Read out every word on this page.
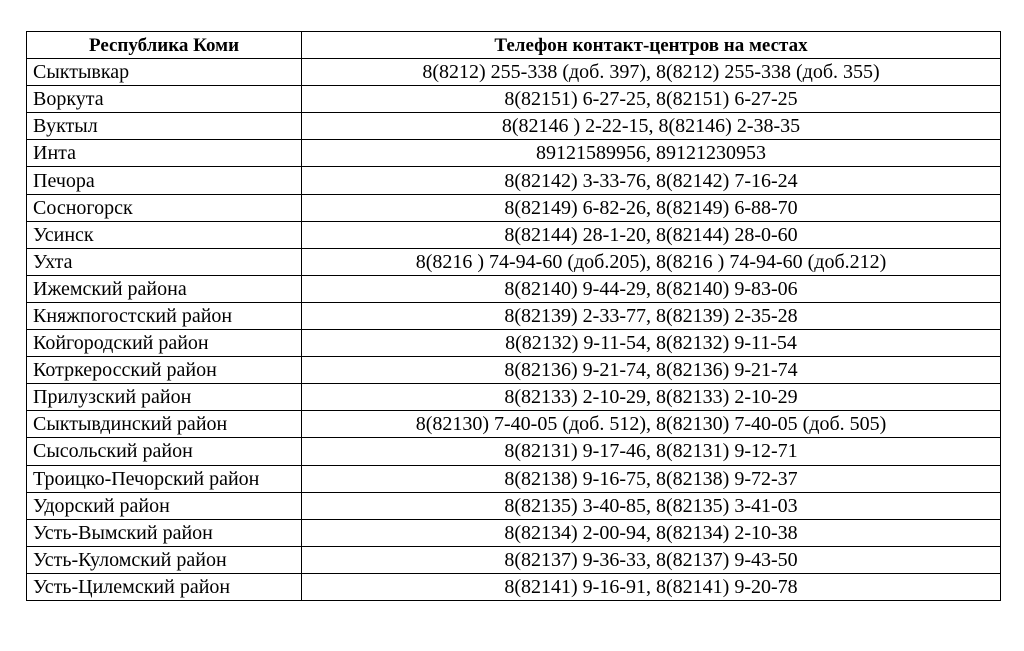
Республика Коми	Телефон контакт-центров на местах
Сыктывкар	8(8212) 255-338 (доб. 397), 8(8212) 255-338 (доб. 355)
Воркута	8(82151) 6-27-25, 8(82151) 6-27-25
Вуктыл	8(82146 ) 2-22-15, 8(82146) 2-38-35
Инта	89121589956, 89121230953
Печора	8(82142) 3-33-76, 8(82142) 7-16-24
Сосногорск	8(82149) 6-82-26, 8(82149) 6-88-70
Усинск	8(82144) 28-1-20, 8(82144) 28-0-60
Ухта	8(8216 ) 74-94-60 (доб.205), 8(8216 ) 74-94-60 (доб.212)
Ижемский района	8(82140) 9-44-29, 8(82140) 9-83-06
Княжпогостский район	8(82139) 2-33-77, 8(82139) 2-35-28
Койгородский район	8(82132) 9-11-54, 8(82132) 9-11-54
Котркеросский район	8(82136) 9-21-74, 8(82136) 9-21-74
Прилузский район	8(82133) 2-10-29, 8(82133) 2-10-29
Сыктывдинский район	8(82130) 7-40-05 (доб. 512), 8(82130) 7-40-05 (доб. 505)
Сысольский район	8(82131) 9-17-46, 8(82131) 9-12-71
Троицко-Печорский район	8(82138) 9-16-75, 8(82138) 9-72-37
Удорский район	8(82135) 3-40-85, 8(82135) 3-41-03
Усть-Вымский район	8(82134) 2-00-94, 8(82134) 2-10-38
Усть-Куломский район	8(82137) 9-36-33, 8(82137) 9-43-50
Усть-Цилемский район	8(82141) 9-16-91, 8(82141) 9-20-78
